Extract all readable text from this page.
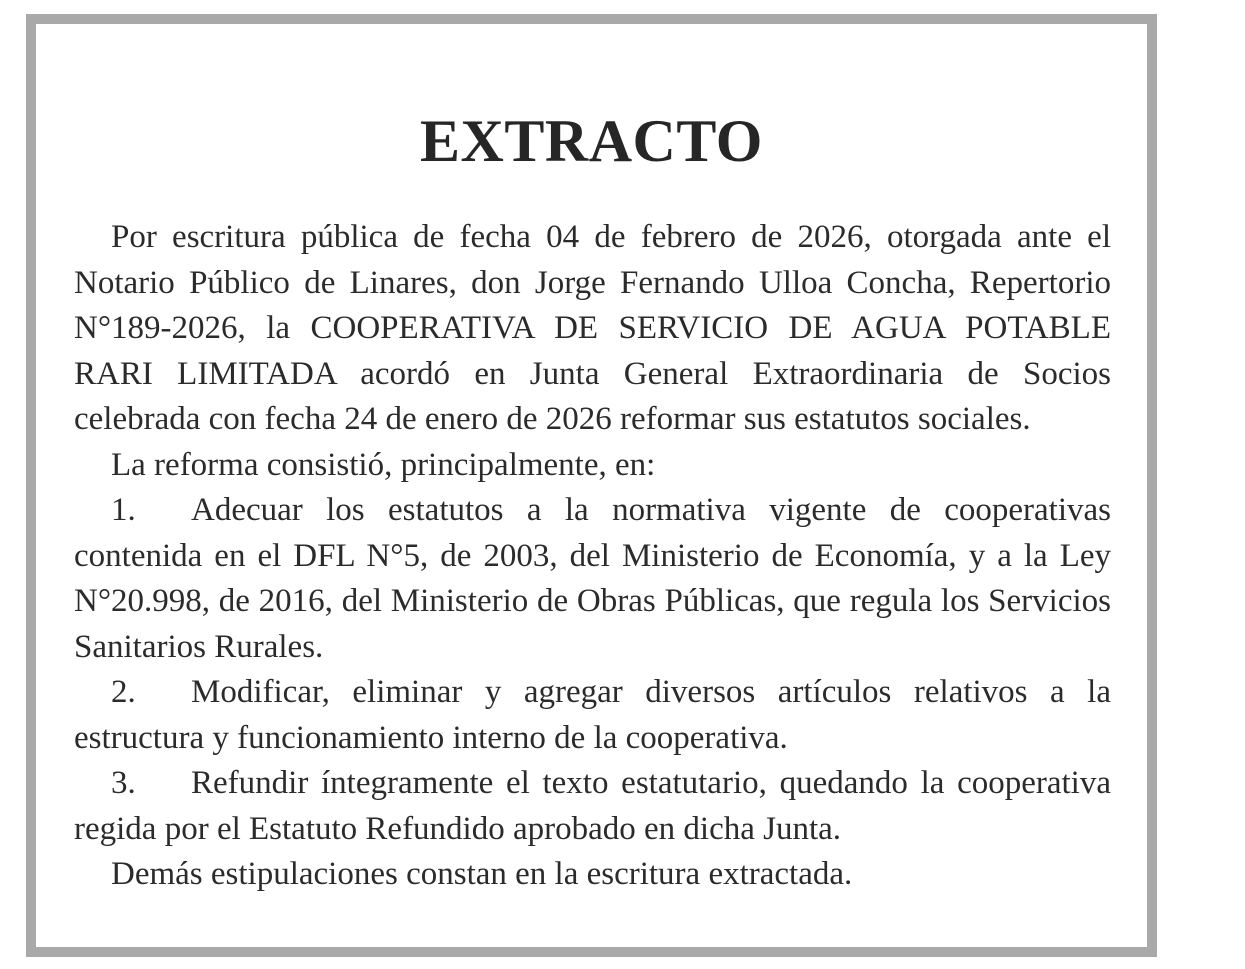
EXTRACTO

Por escritura pública de fecha 04 de febrero de 2026, otorgada ante el Notario Público de Linares, don Jorge Fernando Ulloa Concha, Repertorio N°189-2026, la COOPERATIVA DE SERVICIO DE AGUA POTABLE RARI LIMITADA acordó en Junta General Extraordinaria de Socios celebrada con fecha 24 de enero de 2026 reformar sus estatutos sociales.

La reforma consistió, principalmente, en:

1. Adecuar los estatutos a la normativa vigente de cooperativas contenida en el DFL N°5, de 2003, del Ministerio de Economía, y a la Ley N°20.998, de 2016, del Ministerio de Obras Públicas, que regula los Servicios Sanitarios Rurales.

2. Modificar, eliminar y agregar diversos artículos relativos a la estructura y funcionamiento interno de la cooperativa.

3. Refundir íntegramente el texto estatutario, quedando la cooperativa regida por el Estatuto Refundido aprobado en dicha Junta.

Demás estipulaciones constan en la escritura extractada.
